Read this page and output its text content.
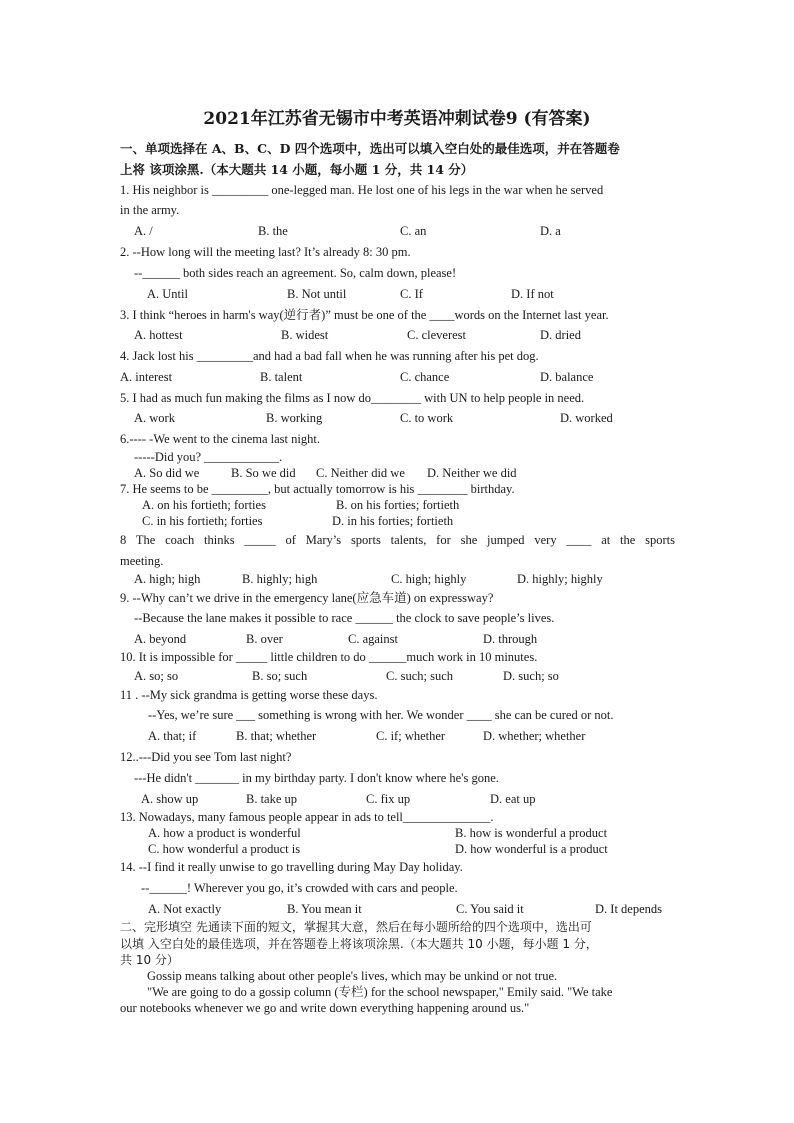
2021年江苏省无锡市中考英语冲刺试卷9 (有答案)
一、单项选择在 A、B、C、D 四个选项中，选出可以填入空白处的最佳选项，并在答题卷
上将 该项涂黑.（本大题共 14 小题，每小题 1 分，共 14 分）
1. His neighbor is _________ one-legged man. He lost one of his legs in the war when he served
in the army.
A. /	B. the	C. an	D. a
2. --How long will the meeting last? It’s already 8: 30 pm.
--______ both sides reach an agreement. So, calm down, please!
A. Until	B. Not until	C. If	D. If not
3. I think “heroes in harm's way(逆行者)” must be one of the ____words on the Internet last year.
A. hottest	B. widest	C. cleverest	D. dried
4. Jack lost his _________and had a bad fall when he was running after his pet dog.
A. interest	B. talent	C. chance	D. balance
5. I had as much fun making the films as I now do________ with UN to help people in need.
A. work	B. working	C. to work	D. worked
6.---- -We went to the cinema last night.
-----Did you? ____________.
A. So did we	B. So we did C. Neither did we D. Neither we did
7. He seems to be _________, but actually tomorrow is his ________ birthday.
A. on his fortieth; forties	B. on his forties; fortieth
C. in his fortieth; forties	D. in his forties; fortieth
8 The coach thinks _____ of Mary’s sports talents, for she jumped very ____ at the sports
meeting.
A. high; high	B. highly; high	C. high; highly	D. highly; highly
9. --Why can’t we drive in the emergency lane(应急车道) on expressway?
--Because the lane makes it possible to race ______ the clock to save people’s lives.
A. beyond	B. over	C. against	D. through
10. It is impossible for _____ little children to do ______much work in 10 minutes.
A. so; so	B. so; such	C. such; such	D. such; so
11 . --My sick grandma is getting worse these days.
--Yes, we’re sure ___ something is wrong with her. We wonder ____ she can be cured or not.
A. that; if	B. that; whether	C. if; whether	D. whether; whether
12..---Did you see Tom last night?
---He didn't _______ in my birthday party. I don't know where he's gone.
A. show up	B. take up	C. fix up	D. eat up
13. Nowadays, many famous people appear in ads to tell______________.
A. how a product is wonderful	B. how is wonderful a product
C. how wonderful a product is	D. how wonderful is a product
14. --I find it really unwise to go travelling during May Day holiday.
--______! Wherever you go, it’s crowded with cars and people.
A. Not exactly	B. You mean it	C. You said it	D. It depends
二、完形填空 先通读下面的短文，掌握其大意，然后在每小题所给的四个选项中，选出可
以填 入空白处的最佳选项，并在答题卷上将该项涂黑.（本大题共 10 小题，每小题 1 分，
共 10 分）
Gossip means talking about other people's lives, which may be unkind or not true.
"We are going to do a gossip column (专栏) for the school newspaper," Emily said. "We take
our notebooks whenever we go and write down everything happening around us."
